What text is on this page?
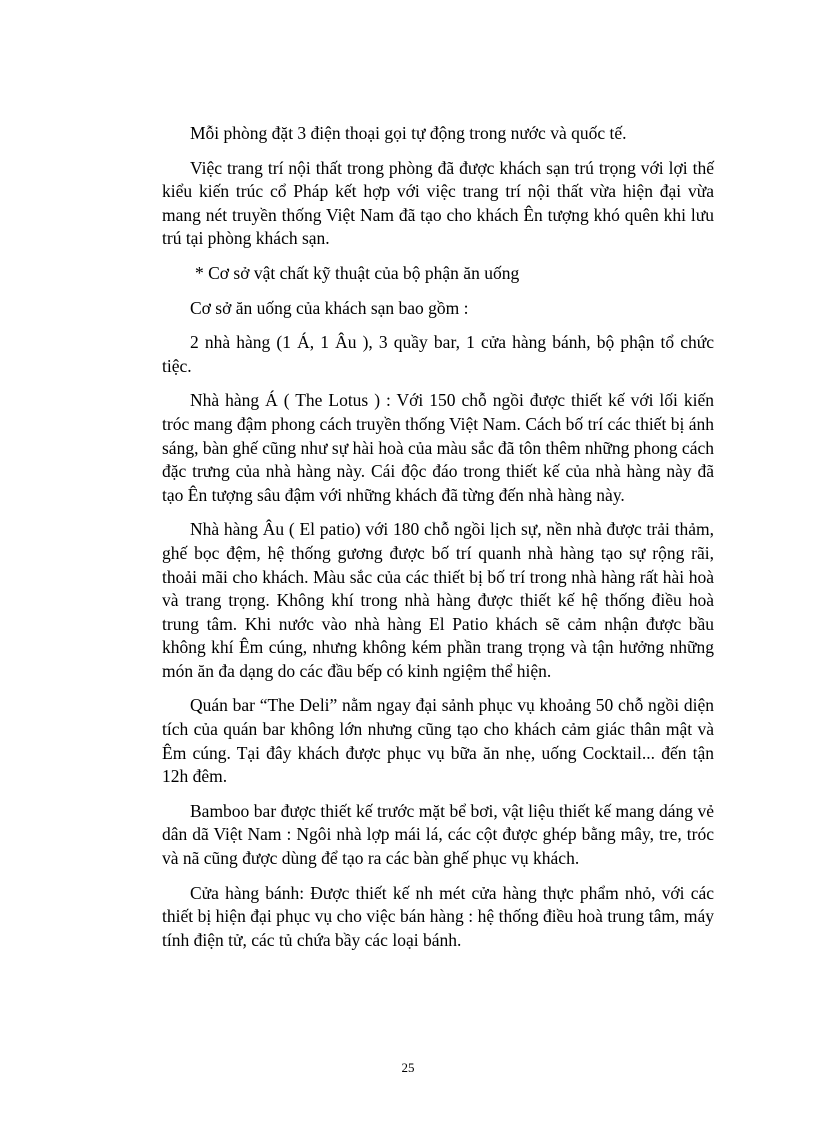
Mỗi phòng đặt 3 điện thoại gọi tự động trong nước và quốc tế.

Việc trang trí nội thất trong phòng đã được khách sạn trú trọng với lợi thế kiểu kiến trúc cổ Pháp kết hợp với việc trang trí nội thất vừa hiện đại vừa mang nét truyền thống Việt Nam đã tạo cho khách Ên tượng khó quên khi lưu trú tại phòng khách sạn.

* Cơ sở vật chất kỹ thuật của bộ phận ăn uống

Cơ sở ăn uống của khách sạn bao gồm :

2 nhà hàng (1 Á, 1 Âu ), 3 quầy bar, 1 cửa hàng bánh, bộ phận tổ chức tiệc.

Nhà hàng Á ( The Lotus ) : Với 150 chỗ ngồi được thiết kế với lối kiến tróc mang đậm phong cách truyền thống Việt Nam. Cách bố trí các thiết bị ánh sáng, bàn ghế cũng như sự hài hoà của màu sắc đã tôn thêm những phong cách đặc trưng của nhà hàng này. Cái độc đáo trong thiết kế của nhà hàng này đã tạo Ên tượng sâu đậm với những khách đã từng đến nhà hàng này.

Nhà hàng Âu ( El patio) với 180 chỗ ngồi lịch sự, nền nhà được trải thảm, ghế bọc đệm, hệ thống gương được bố trí quanh nhà hàng tạo sự rộng rãi, thoải mãi cho khách. Màu sắc của các thiết bị bố trí trong nhà hàng rất hài hoà và trang trọng. Không khí trong nhà hàng được thiết kế hệ thống điều hoà trung tâm. Khi nước vào nhà hàng El Patio khách sẽ cảm nhận được bầu không khí Êm cúng, nhưng không kém phần trang trọng và tận hưởng những món ăn đa dạng do các đầu bếp có kinh ngiệm thể hiện.

Quán bar “The Deli” nằm ngay đại sảnh phục vụ khoảng 50 chỗ ngồi diện tích của quán bar không lớn nhưng cũng tạo cho khách cảm giác thân mật và Êm cúng. Tại đây khách được phục vụ bữa ăn nhẹ, uống Cocktail... đến tận 12h đêm.

Bamboo bar được thiết kế trước mặt bể bơi, vật liệu thiết kế mang dáng vẻ dân dã Việt Nam : Ngôi nhà lợp mái lá, các cột được ghép bằng mây, tre, tróc và nã cũng được dùng để tạo ra các bàn ghế phục vụ khách.

Cửa hàng bánh: Được thiết kế nh mét cửa hàng thực phẩm nhỏ, với các thiết bị hiện đại phục vụ cho việc bán hàng : hệ thống điều hoà trung tâm, máy tính điện tử, các tủ chứa bầy các loại bánh.

25
